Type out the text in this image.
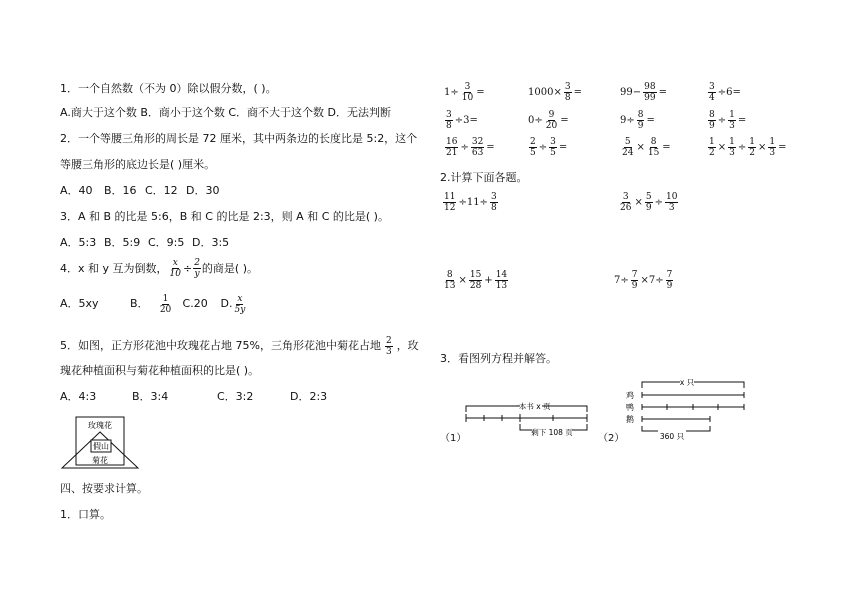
1．一个自然数（不为 0）除以假分数，( )。
A.商大于这个数 B．商小于这个数 C．商不大于这个数 D．无法判断
2．一个等腰三角形的周长是 72 厘米，其中两条边的长度比是 5:2，这个
等腰三角形的底边长是( )厘米。
A．40 B．16 C．12 D．30
3．A 和 B 的比是 5:6，B 和 C 的比是 2:3，则 A 和 C 的比是( )。
A．5:3 B．5:9 C．9:5 D．3:5
4．x 和 y 互为倒数， $\frac{x}{10} \div \frac{2}{y}$ 的商是( )。
A．5xy	B． $\frac{1}{20} C.20$	D. $\frac{x}{5y}$
5．如图，正方形花池中玫瑰花占地 75%，三角形花池中菊花占地 $\frac{2}{3}$ ，玫
瑰花种植面积与菊花种植面积的比是( )。
A．4:3	B．3:4	C．3:2	D．2:3
玫瑰花
假山
菊花
四、按要求计算。
1．口算。
$1\div \frac{3}{10}$ =	$1000\times \frac{3}{8}$ =	$99- \frac{98}{99}$ =	$\frac{3}{4} \div 6=$
$\frac{3}{8} \div 3=$	$0\div \frac{9}{20}$ =	$9\div \frac{8}{9}$ =	$\frac{8}{9} \div \frac{1}{3}$ =
$\frac{16}{21} \div \frac{32}{63}$ =	$\frac{2}{5} \div \frac{3}{5}$ =	$\frac{5}{24} \times \frac{8}{15}$ =	$\frac{1}{2} \times \frac{1}{3} \div \frac{1}{2} \times \frac{1}{3}$ =
2.计算下面各题。
$\frac{11}{12} \div 11\div \frac{3}{8}$	$\frac{3}{26} \times \frac{5}{9} \div \frac{10}{3}$
$\frac{8}{13} \times \frac{15}{28} + \frac{14}{13}$	$7\div \frac{7}{9} \times 7\div \frac{7}{9}$
3．看图列方程并解答。
（1）
一本书 x 页
剩下 108 页
（2）
x 只
鸡
鸭
鹅
360 只
